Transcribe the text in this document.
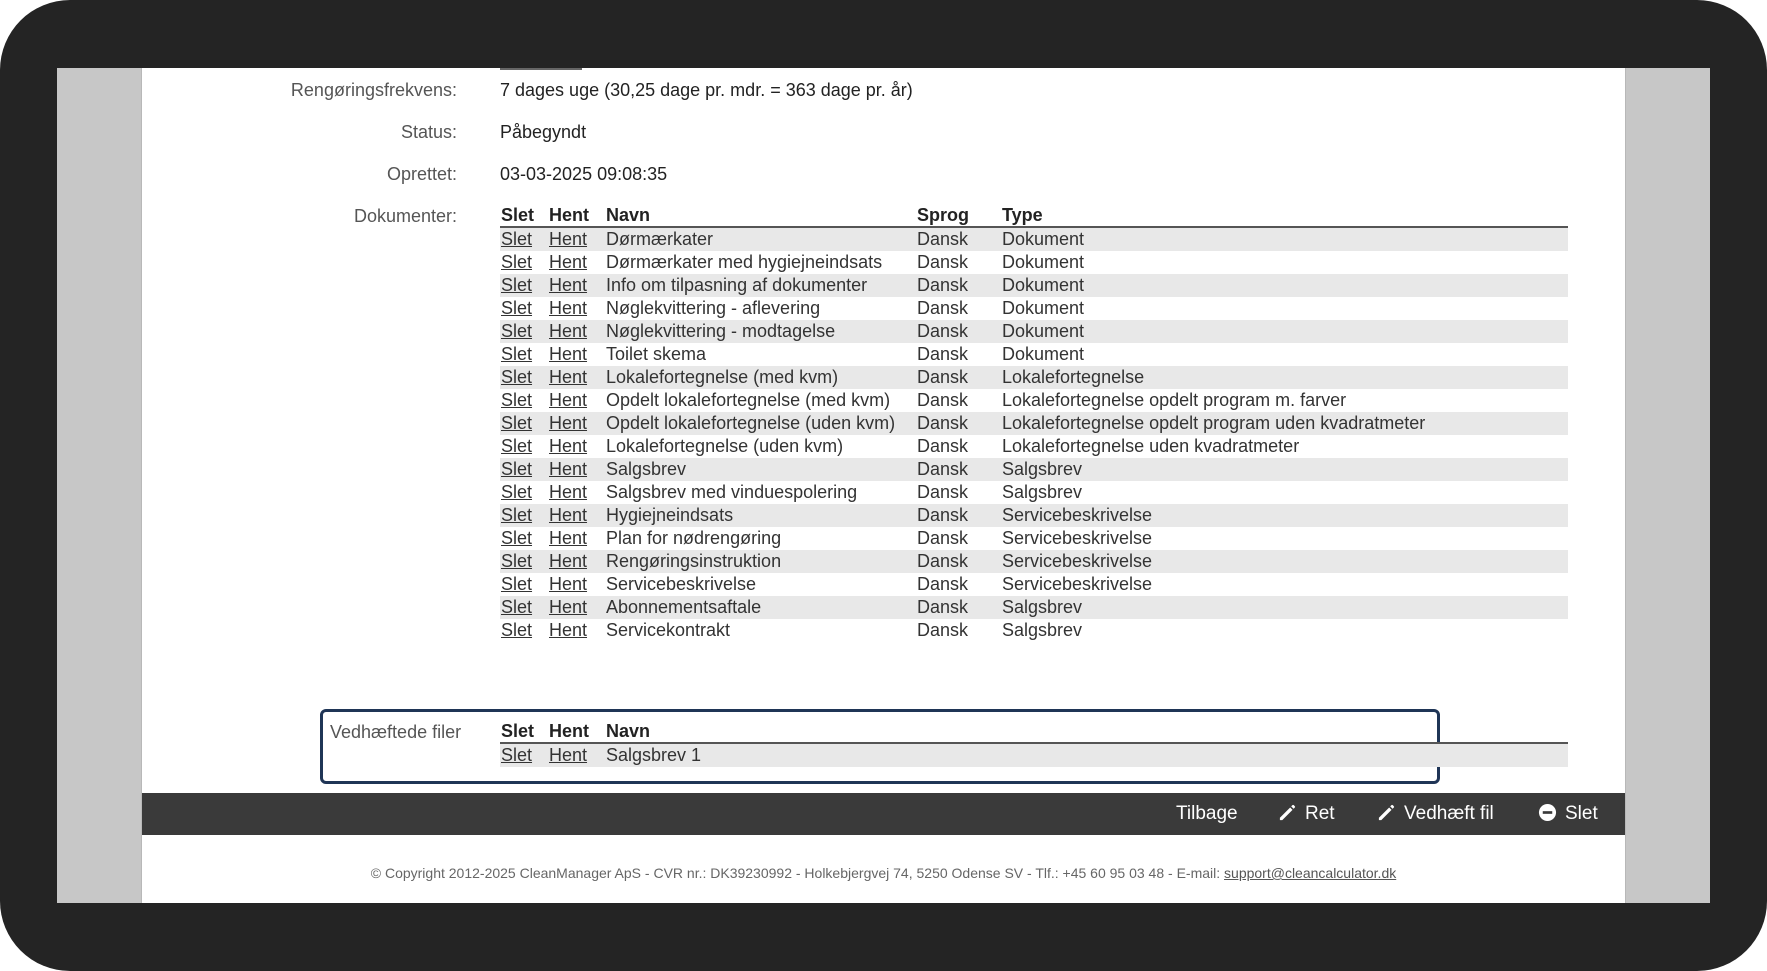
Rengøringsfrekvens: 7 dages uge (30,25 dage pr. mdr. = 363 dage pr. år)
Status: Påbegyndt
Oprettet: 03-03-2025 09:08:35
Dokumenter: Slet	Hent	Navn	Sprog	Type
Slet	Hent	Dørmærkater	Dansk	Dokument
Slet	Hent	Dørmærkater med hygiejneindsats	Dansk	Dokument
Slet	Hent	Info om tilpasning af dokumenter	Dansk	Dokument
Slet	Hent	Nøglekvittering - aflevering	Dansk	Dokument
Slet	Hent	Nøglekvittering - modtagelse	Dansk	Dokument
Slet	Hent	Toilet skema	Dansk	Dokument
Slet	Hent	Lokalefortegnelse (med kvm)	Dansk	Lokalefortegnelse
Slet	Hent	Opdelt lokalefortegnelse (med kvm)	Dansk	Lokalefortegnelse opdelt program m. farver
Slet	Hent	Opdelt lokalefortegnelse (uden kvm)	Dansk	Lokalefortegnelse opdelt program uden kvadratmeter
Slet	Hent	Lokalefortegnelse (uden kvm)	Dansk	Lokalefortegnelse uden kvadratmeter
Slet	Hent	Salgsbrev	Dansk	Salgsbrev
Slet	Hent	Salgsbrev med vinduespolering	Dansk	Salgsbrev
Slet	Hent	Hygiejneindsats	Dansk	Servicebeskrivelse
Slet	Hent	Plan for nødrengøring	Dansk	Servicebeskrivelse
Slet	Hent	Rengøringsinstruktion	Dansk	Servicebeskrivelse
Slet	Hent	Servicebeskrivelse	Dansk	Servicebeskrivelse
Slet	Hent	Abonnementsaftale	Dansk	Salgsbrev
Slet	Hent	Servicekontrakt	Dansk	Salgsbrev
Vedhæftede filer Slet	Hent	Navn
Slet	Hent	Salgsbrev 1
Tilbage	Ret	Vedhæft fil	Slet
© Copyright 2012-2025 CleanManager ApS - CVR nr.: DK39230992 - Holkebjergvej 74, 5250 Odense SV - Tlf.: +45 60 95 03 48 - E-mail: support@cleancalculator.dk
